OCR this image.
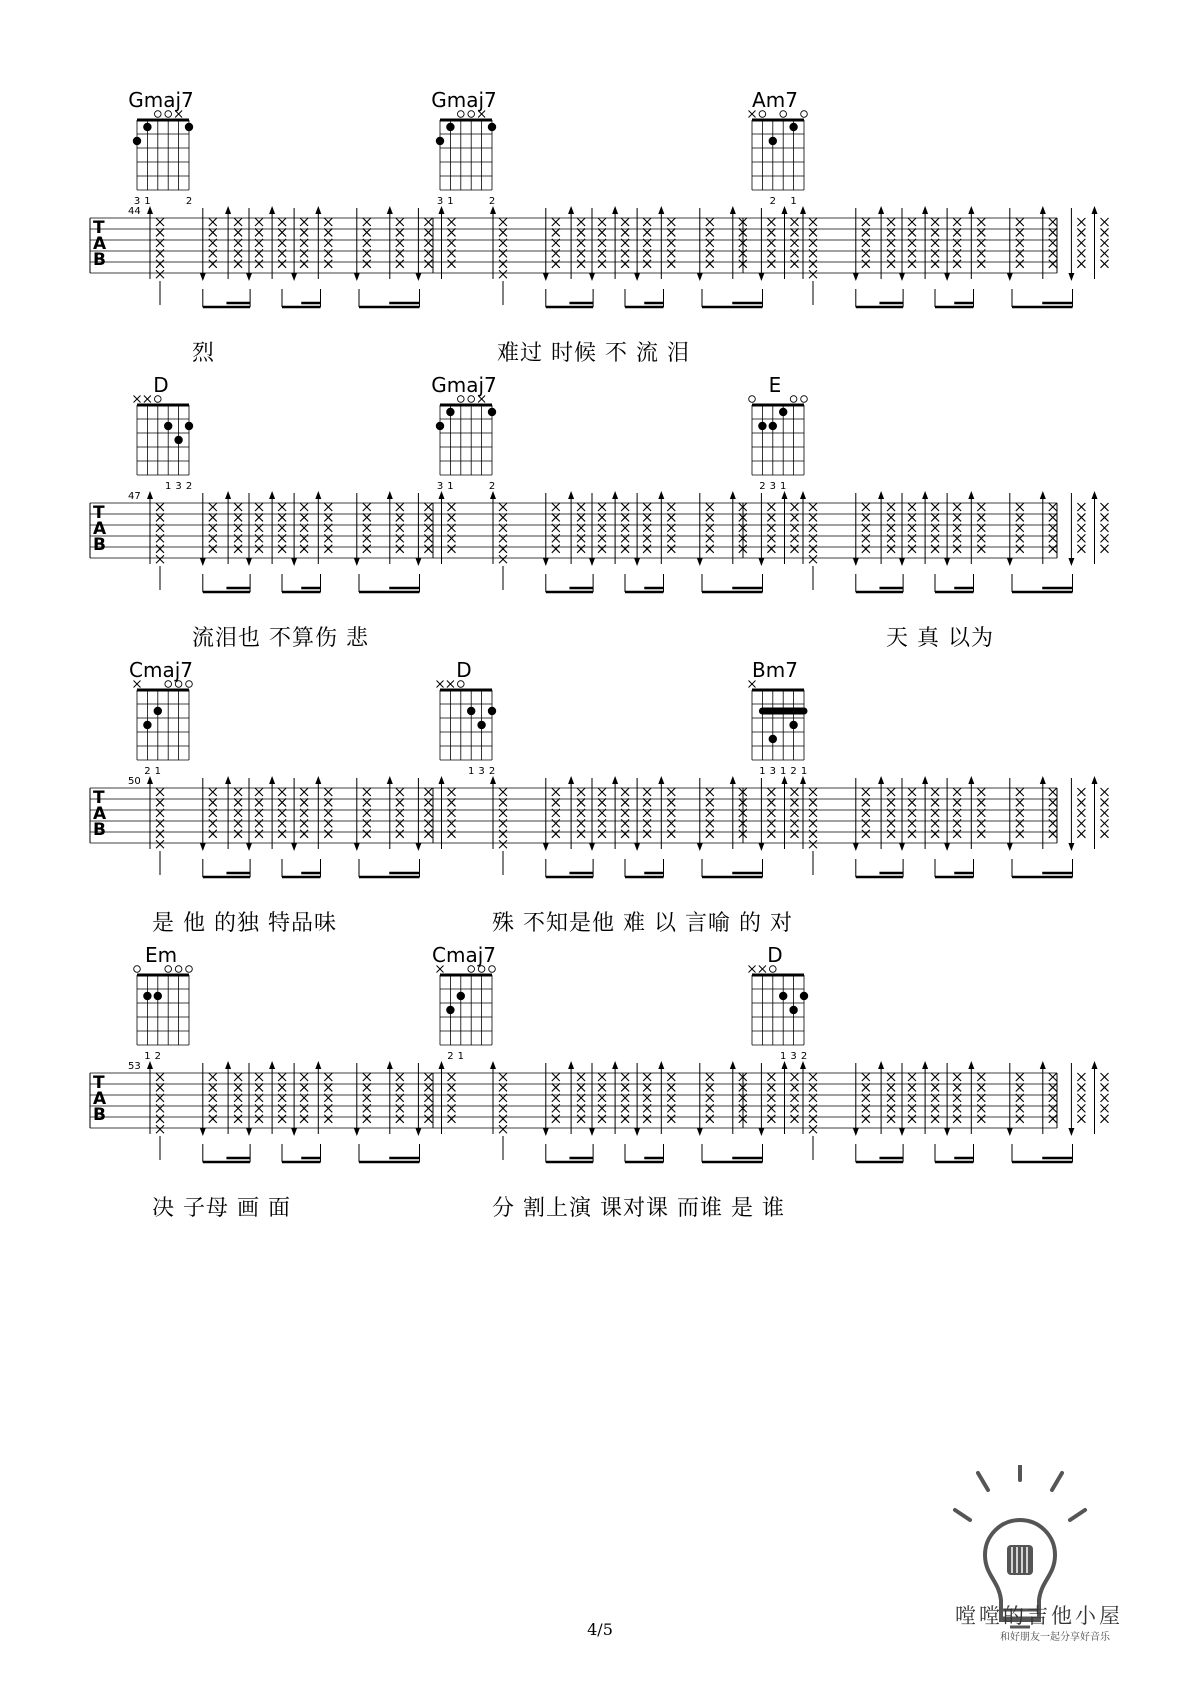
3 1	2	3 1	2	2 1
T
A
B
Gmaj7	Gmaj7	Am7
44
烈	难过 时候 不 流 泪
1 3 2	3 1	2	2 3 1
T
A
B
D	Gmaj7	E
47
流泪也 不算伤 悲	天 真 以为
2 1	1 3 2	1 3 1 2 1
T
A
B
Cmaj7	D	Bm7
50
是 他 的独 特品味	殊 不知是他 难 以 言喻 的 对
1 2	2 1	1 3 2
T
A
B
Em	Cmaj7	D
53
决 子母 画 面	分 割上演 课对课 而谁 是 谁
嘡嘡的吉他小屋
和好朋友一起分享好音乐
4/5
